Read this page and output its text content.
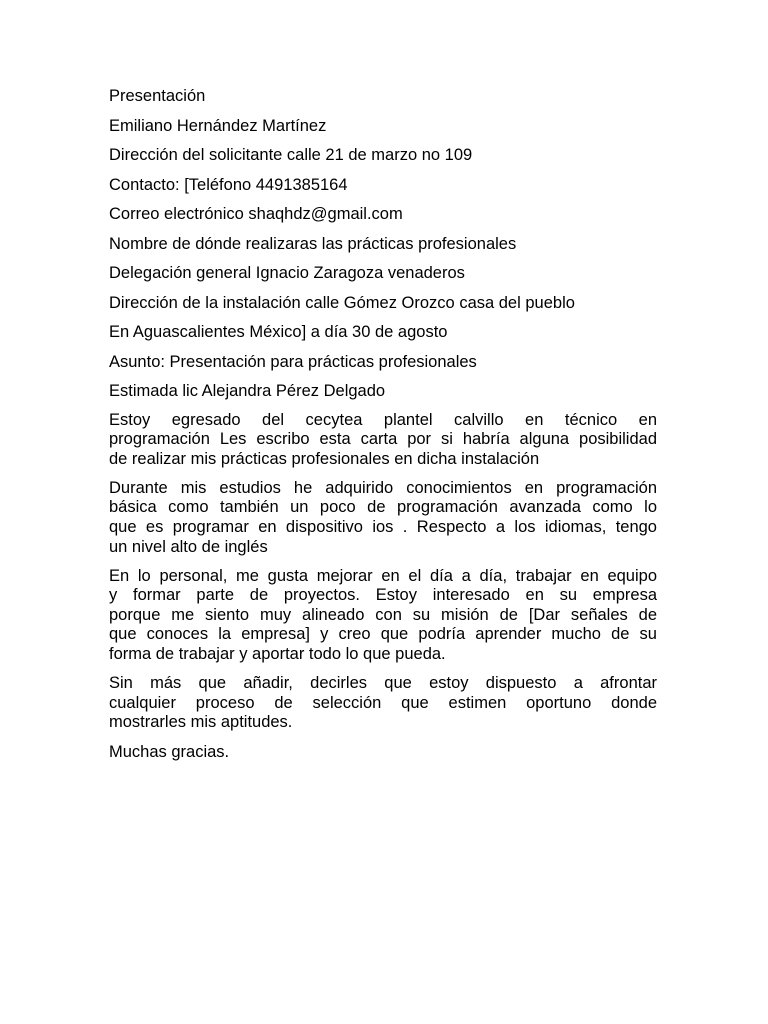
Presentación
Emiliano Hernández Martínez
Dirección del solicitante calle 21 de marzo no 109
Contacto: [Teléfono 4491385164
Correo electrónico shaqhdz@gmail.com
Nombre de dónde realizaras las prácticas profesionales
Delegación general Ignacio Zaragoza venaderos
Dirección de la instalación calle Gómez Orozco casa del pueblo
En Aguascalientes México] a día 30 de agosto
Asunto: Presentación para prácticas profesionales
Estimada lic Alejandra Pérez Delgado
Estoy egresado del cecytea plantel calvillo en técnico en
programación Les escribo esta carta por si habría alguna posibilidad
de realizar mis prácticas profesionales en dicha instalación
Durante mis estudios he adquirido conocimientos en programación
básica como también un poco de programación avanzada como lo
que es programar en dispositivo ios . Respecto a los idiomas, tengo
un nivel alto de inglés
En lo personal, me gusta mejorar en el día a día, trabajar en equipo
y formar parte de proyectos. Estoy interesado en su empresa
porque me siento muy alineado con su misión de [Dar señales de
que conoces la empresa] y creo que podría aprender mucho de su
forma de trabajar y aportar todo lo que pueda.
Sin más que añadir, decirles que estoy dispuesto a afrontar
cualquier proceso de selección que estimen oportuno donde
mostrarles mis aptitudes.
Muchas gracias.
